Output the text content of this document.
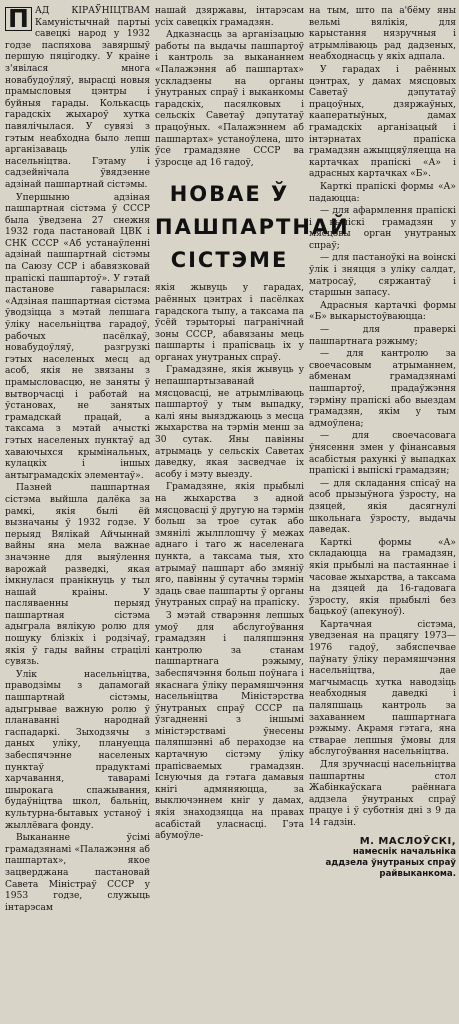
П АД КІРАЎНІЦТВАМ Камуністычнай партыі савецкі народ у 1932 годзе паспяхова завяршыў першую пяцігодку. У краіне з'явілася многа новабудоўляў, вырасці новыя прамысловыя цэнтры і буйныя гарады. Колькасць гарадскіх жыхароў хутка павялічылася. У сувязі з гэтым неабходна было лепш арганізаваць улік насельніцтва. Гэтаму і садзейнічала ўвядзенне адзінай пашпартнай сістэмы.

Упершыню адзіная пашпартная сістэма ў СССР была ўведзена 27 снежня 1932 года пастановай ЦВК і СНК СССР «Аб устанаўленні адзінай пашпартнай сістэмы па Саюзу ССР і абавязковай прапіскі пашпартоў». У гэтай пастанове гаварылася: «Адзіная пашпартная сістэма ўводзіцца з мэтай лепшага ўліку насельніцтва гарадоў, рабочых пасёлкаў, новабудоўляў, разгрузкі гэтых населеных месц ад асоб, якія не звязаны з прамысловасцю, не заняты ў вытворчасці і работай на ўстановах, не занятых грамадскай працай, а таксама з мэтай ачысткі гэтых населеных пунктаў ад хаваючыхся крымінальных, кулацкіх і іншых антыграмадскіх элементаў».

Пазней пашпартная сістэма выйшла далёка за рамкі, якія былі ёй вызначаны ў 1932 годзе. У перыяд Вялікай Айчыннай вайны яна мела важнае значэнне для выяўлення варожай разведкі, якая імкнулася пранікнуць у тыл нашай краіны. У пасляваенны перыяд пашпартная сістэма адыграла вялікую ролю для пошуку блізкіх і родзічаў, якія ў гады вайны страцілі сувязь.

Улік насельніцтва, праводзімы з дапамогай пашпартнай сістэмы, адыгрывае важную ролю ў планаванні народнай гаспадаркі. Зыходзячы з даных уліку, плануецца забеспячэнне населеных пунктаў прадуктамі харчавання, таварамі шырокага спажывання, будаўніцтва школ, бальніц, культурна-бытавых устаноў і жыллёвага фонду.

Выкананне ўсімі грамадзянамі «Палажэння аб пашпартах», якое зацверджана пастановай Савета Міністраў СССР у 1953 годзе, служыць інтарэсам

нашай дзяржавы, інтарэсам усіх савецкіх грамадзян.

Адказнасць за арганізацыю работы па выдачы пашпартоў і кантроль за выкананнем «Палажэння аб пашпартах» ускладзены на органы ўнутраных спраў і выканкомы гарадскіх, пасялковых і сельскіх Саветаў дэпутатаў працоўных. «Палажэннем аб пашпартах» устаноўлена, што ўсе грамадзяне СССР ва ўзросце ад 16 гадоў,

НОВАЕ Ў
ПАШПАРТНАЙ
СІСТЭМЕ

якія жывуць у гарадах, раённых цэнтрах і пасёлках гарадскога тыпу, а таксама па ўсёй тэрыторыі пагранічнай зоны СССР, абавязаны мець пашпарты і прапісваць іх у органах унутраных спраў.

Грамадзяне, якія жывуць у непашпартызаванай мясцовасці, не атрымліваюць пашпартоў у тым выпадку, калі яны выязджаюць з месца жыхарства на тэрмін менш за 30 сутак. Яны павінны атрымаць у сельскіх Саветах даведку, якая засведчае іх асобу і мэту выезду.

Грамадзяне, якія прыбылі на жыхарства з адной мясцовасці ў другую на тэрмін больш за трое сутак або змянілі жылплошчу ў межах аднаго і таго ж населенага пункта, а таксама тыя, хто атрымаў пашпарт або змяніў яго, павінны ў сутачны тэрмін здаць свае пашпарты ў органы ўнутраных спраў на прапіску.

З мэтай стварэння лепшых умоў для абслугоўвання грамадзян і паляпшэння кантролю за станам пашпартнага рэжыму, забеспячэння больш поўнага і якаснага ўліку перамяшчэння насельніцтва Міністэрства ўнутраных спраў СССР па ўзгадненні з іншымі міністэрствамі ўнесены паляпшэнні аб пераходзе на картачную сістэму ўліку прапісваемых грамадзян. Існуючыя да гэтага дамавыя кнігі адмяняюцца, за выключэннем кніг у дамах, якія знаходзяцца на правах асабістай уласнасці. Гэта абумоўле-

на тым, што па а'бёму яны вельмі вялікія, для карыстання нязручныя і атрымліваюць рад дадзеных, неабходнасць у якіх адпала.

У гарадах і раённых цэнтрах, у дамах мясцовых Саветаў дэпутатаў працоўных, дзяржаўных, кааператыўных, дамах грамадскіх арганізацый і інтэрнатах прапіска грамадзян ажыццяўляецца на картачках прапіскі «А» і адрасных картачках «Б».

Карткі прапіскі формы «А» падаюцца:

— для афармлення прапіскі і выпіскі грамадзян у мясцовы орган унутраных спраў;

— для пастаноўкі на воінскі ўлік і зняцця з уліку салдат, матросаў, сяржантаў і старшын запасу.

Адрасныя картачкі формы «Б» выкарыстоўваюцца:

— для праверкі пашпартнага рэжыму;

— для кантролю за своечасовым атрыманнем, абменам грамадзянамі пашпартоў, прадаўжэння тэрміну прапіскі або выездам грамадзян, якім у тым адмоўлена;

— для своечасовага ўнясення змен у фінансавыя асабістыя рахункі ў выпадках прапіскі і выпіскі грамадзян;

— для складання спісаў на асоб прызыўнога ўзросту, на дзяцей, якія дасягнулі школьнага ўзросту, выдачы даведак.

Карткі формы «А» складаюцца на грамадзян, якія прыбылі на пастаяннае і часовае жыхарства, а таксама на дзяцей да 16-гадовага ўзросту, якія прыбылі без бацькоў (апекуноў).

Картачная сістэма, уведзеная на працягу 1973—1976 гадоў, забяспечвае паўнату ўліку перамяшчэння насельніцтва, дае магчымасць хутка наводзіць неабходныя даведкі і паляпшаць кантроль за захаваннем пашпартнага рэжыму. Акрамя гэтага, яна стварае лепшыя ўмовы для абслугоўвання насельніцтва.

Для зручнасці насельніцтва пашпартны стол Жабінкаўскага раённага аддзела ўнутраных спраў працуе і ў суботнія дні з 9 да 14 гадзін.

М. МАСЛОЎСКІ,
намеснік начальніка аддзела ўнутраных спраў райвыканкома.
